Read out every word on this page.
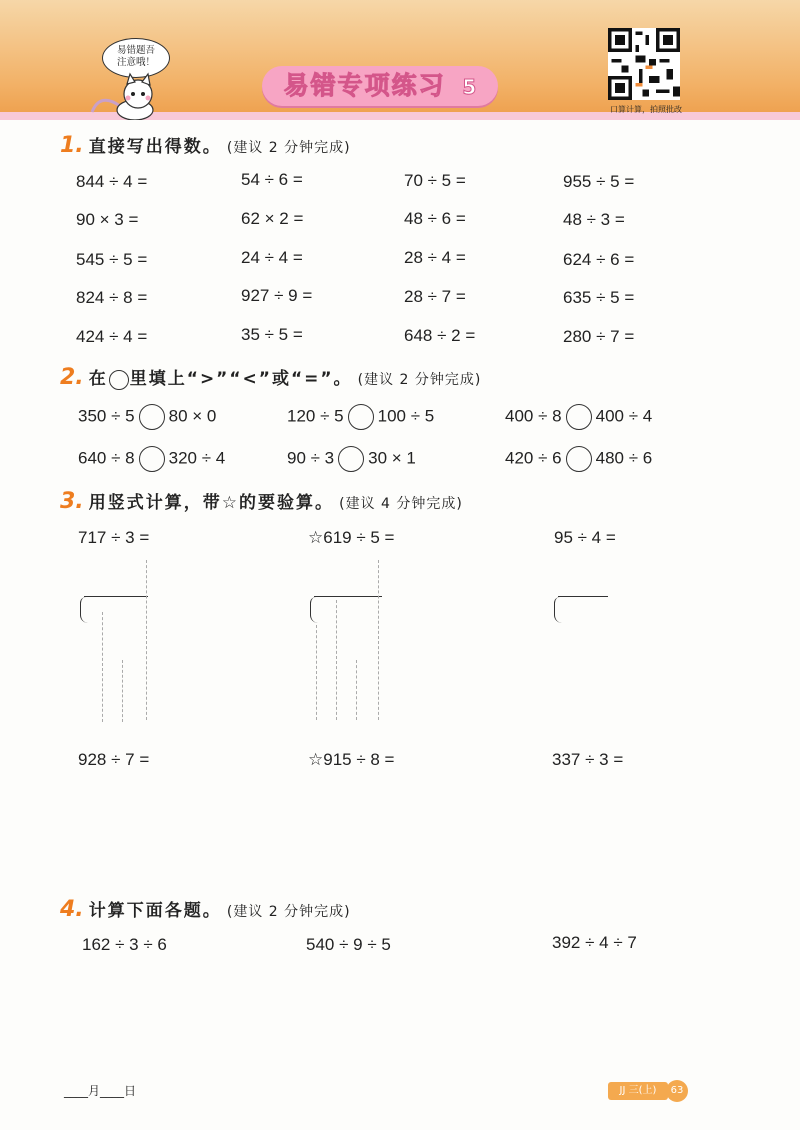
易错题吾
注意哦！
易错专项练习 5
口算计算，拍照批改
1. 直接写出得数。 (建议 2 分钟完成)
844 ÷ 4 =	54 ÷ 6 =	70 ÷ 5 =	955 ÷ 5 =
90 × 3 =	62 × 2 =	48 ÷ 6 =	48 ÷ 3 =
545 ÷ 5 =	24 ÷ 4 =	28 ÷ 4 =	624 ÷ 6 =
824 ÷ 8 =	927 ÷ 9 =	28 ÷ 7 =	635 ÷ 5 =
424 ÷ 4 =	35 ÷ 5 =	648 ÷ 2 =	280 ÷ 7 =
2. 在 里填上“>”“<”或“=”。 (建议 2 分钟完成)
350 ÷ 5 80 × 0	120 ÷ 5 100 ÷ 5	400 ÷ 8 400 ÷ 4
640 ÷ 8 320 ÷ 4	90 ÷ 3 30 × 1	420 ÷ 6 480 ÷ 6
3. 用竖式计算，带☆的要验算。 (建议 4 分钟完成)
717 ÷ 3 =	☆619 ÷ 5 =	95 ÷ 4 =
928 ÷ 7 =	☆915 ÷ 8 =	337 ÷ 3 =
4. 计算下面各题。 (建议 2 分钟完成)
162 ÷ 3 ÷ 6	540 ÷ 9 ÷ 5	392 ÷ 4 ÷ 7
____月____日	JJ 三(上)	63
